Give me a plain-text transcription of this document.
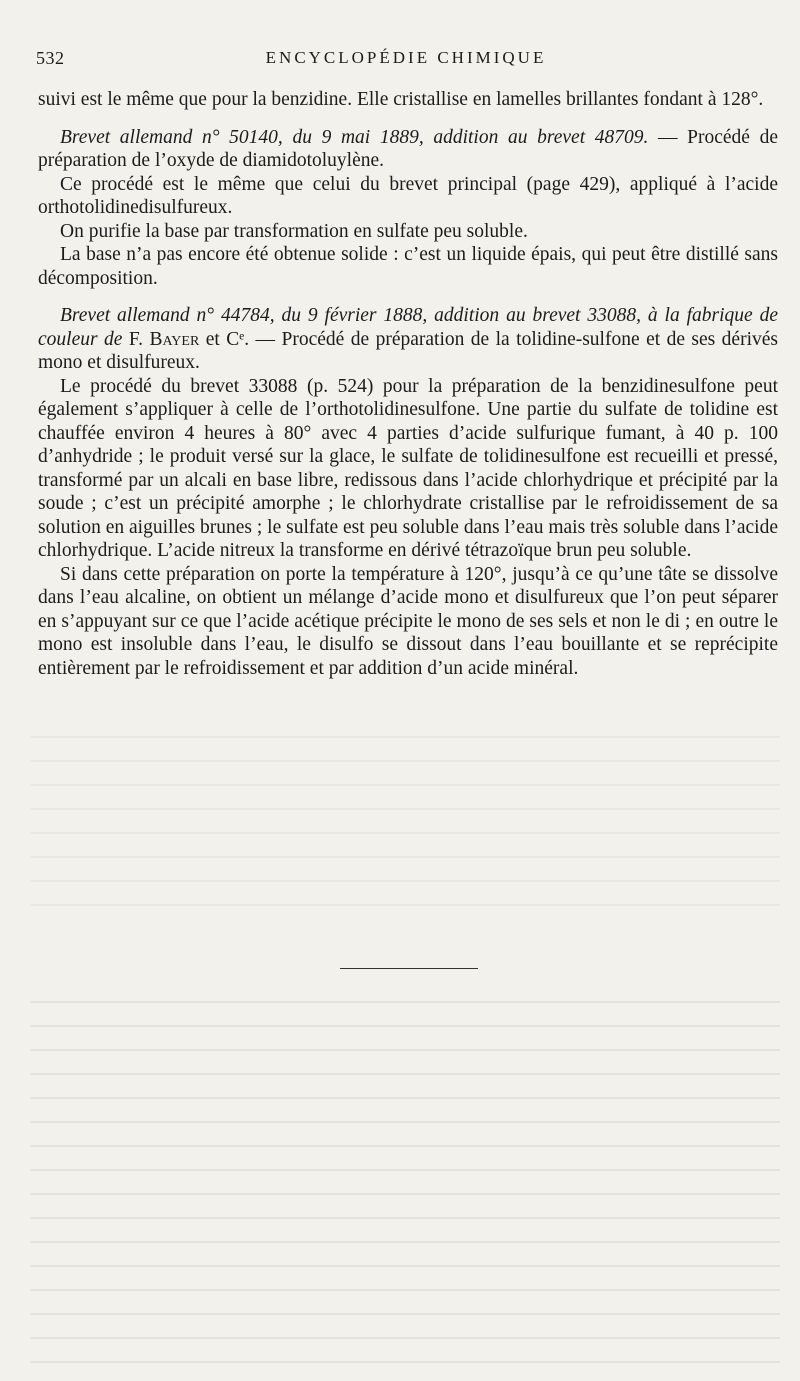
532	ENCYCLOPÉDIE CHIMIQUE

suivi est le même que pour la benzidine. Elle cristallise en lamelles brillantes fondant à 128°.

Brevet allemand n° 50140, du 9 mai 1889, addition au brevet 48709. — Procédé de préparation de l’oxyde de diamidotoluylène.

Ce procédé est le même que celui du brevet principal (page 429), appliqué à l’acide orthotolidinedisulfureux.

On purifie la base par transformation en sulfate peu soluble.

La base n’a pas encore été obtenue solide : c’est un liquide épais, qui peut être distillé sans décomposition.

Brevet allemand n° 44784, du 9 février 1888, addition au brevet 33088, à la fabrique de couleur de F. Bayer et Cᵉ. — Procédé de préparation de la tolidine-sulfone et de ses dérivés mono et disulfureux.

Le procédé du brevet 33088 (p. 524) pour la préparation de la benzidinesulfone peut également s’appliquer à celle de l’orthotolidinesulfone. Une partie du sulfate de tolidine est chauffée environ 4 heures à 80° avec 4 parties d’acide sulfurique fumant, à 40 p. 100 d’anhydride ; le produit versé sur la glace, le sulfate de tolidinesulfone est recueilli et pressé, transformé par un alcali en base libre, redissous dans l’acide chlorhydrique et précipité par la soude ; c’est un précipité amorphe ; le chlorhydrate cristallise par le refroidissement de sa solution en aiguilles brunes ; le sulfate est peu soluble dans l’eau mais très soluble dans l’acide chlorhydrique. L’acide nitreux la transforme en dérivé tétrazoïque brun peu soluble.

Si dans cette préparation on porte la température à 120°, jusqu’à ce qu’une tâte se dissolve dans l’eau alcaline, on obtient un mélange d’acide mono et disulfureux que l’on peut séparer en s’appuyant sur ce que l’acide acétique précipite le mono de ses sels et non le di ; en outre le mono est insoluble dans l’eau, le disulfo se dissout dans l’eau bouillante et se reprécipite entièrement par le refroidissement et par addition d’un acide minéral.
